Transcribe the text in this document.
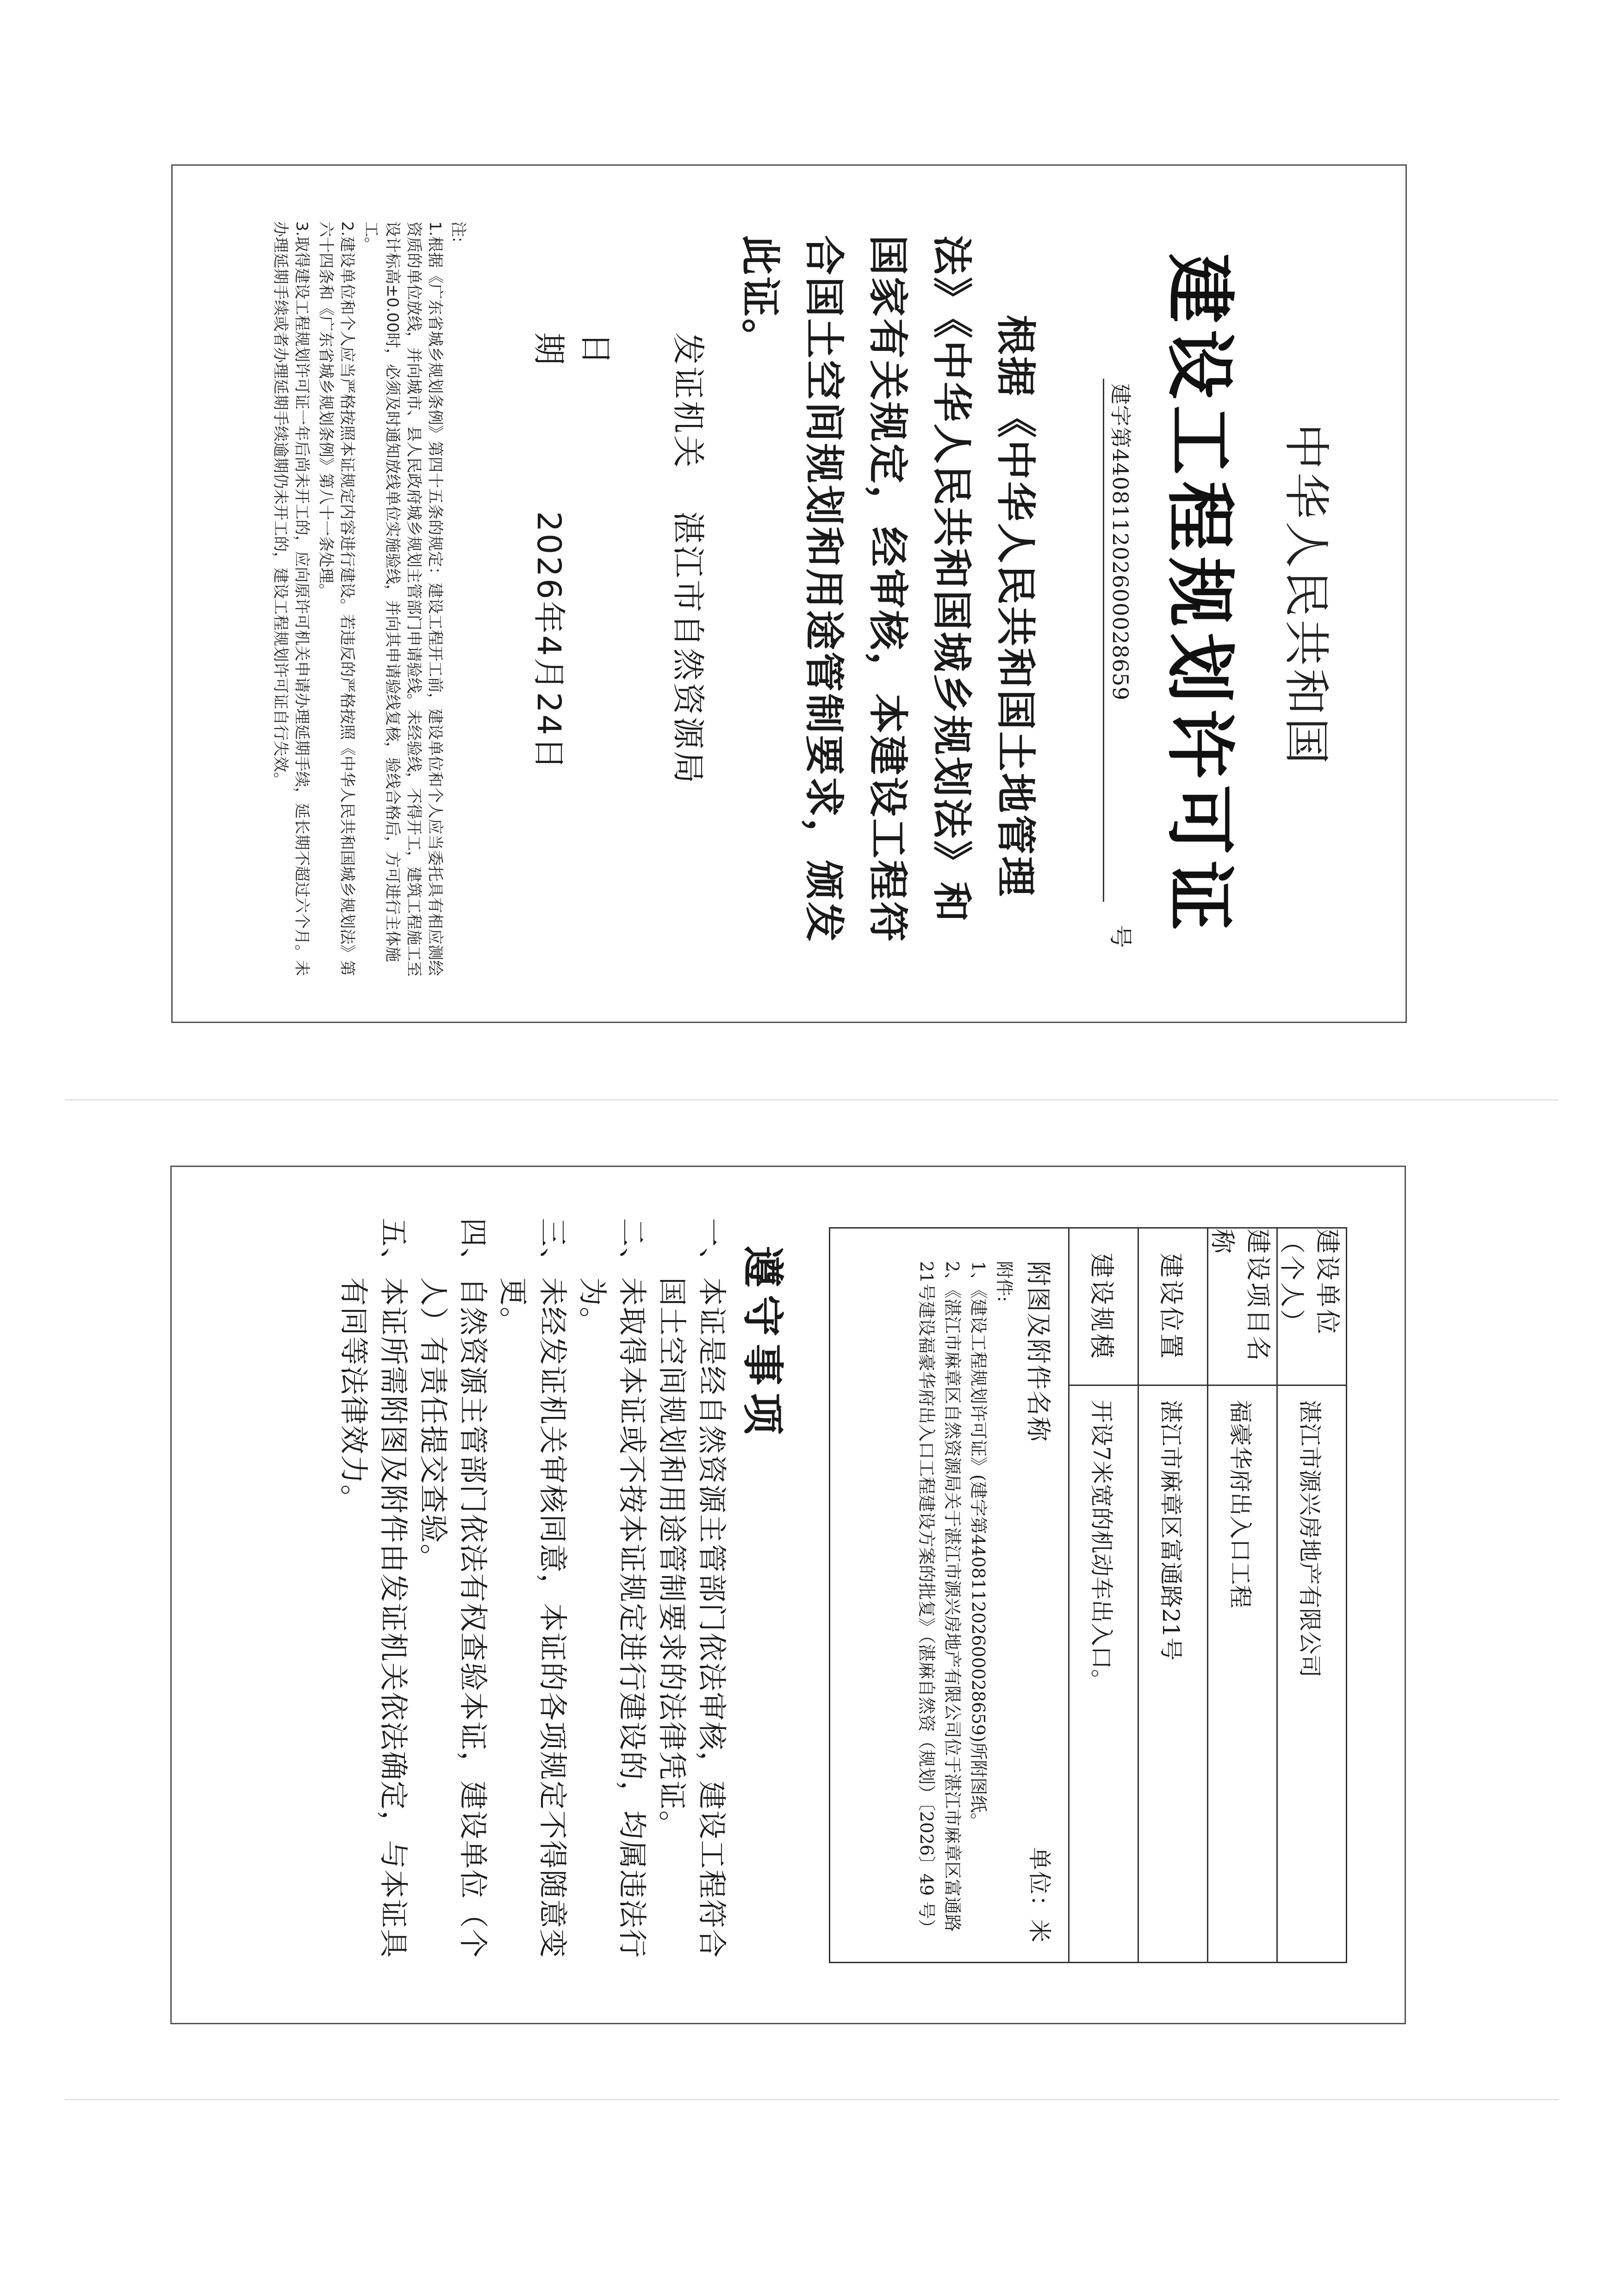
中华人民共和国
建设工程规划许可证
建字第440811202600028659
号
根据《中华人民共和国土地管理法》《中华人民共和国城乡规划法》和国家有关规定，经审核，本建设工程符合国土空间规划和用途管制要求，颁发此证。
发证机关 湛江市自然资源局
日期 2026年4月24日

注:

1.根据《广东省城乡规划条例》第四十五条的规定：建设工程开工前，建设单位和个人应当委托具有相应测绘资质的单位放线，并向城市、县人民政府城乡规划主管部门申请验线。未经验线，不得开工，建筑工程施工至设计标高±0.00时，必须及时通知放线单位实施验线，并向其申请验线复核，验线合格后，方可进行主体施工。

2.建设单位和个人应当严格按照本证规定内容进行建设。若违反的严格按照《中华人民共和国城乡规划法》第六十四条和《广东省城乡规划条例》第八十一条处理。

3.取得建设工程规划许可证一年后尚未开工的，应向原许可机关申请办理延期手续，延长期不超过六个月。未办理延期手续或者办理延期手续逾期仍未开工的，建设工程规划许可证自行失效。

建设单位（个人）
湛江市源兴房地产有限公司
建设项目名称
福豪华府出入口工程
建设位置
湛江市麻章区富通路21号
建设规模
开设7米宽的机动车出入口。
附图及附件名称
单位：米

附件:

1、《建设工程规划许可证》(建字第440811202600028659)所附图纸。

2、《湛江市麻章区自然资源局关于湛江市源兴房地产有限公司位于湛江市麻章区富通路21号建设福豪华府出入口工程建设方案的批复》（湛麻自然资（规划）〔2026〕49 号）

遵守事项
一、
本证是经自然资源主管部门依法审核，建设工程符合国土空间规划和用途管制要求的法律凭证。
二、
未取得本证或不按本证规定进行建设的，均属违法行为。
三、
未经发证机关审核同意，本证的各项规定不得随意变更。
四、
自然资源主管部门依法有权查验本证，建设单位（个人）有责任提交查验。
五、
本证所需附图及附件由发证机关依法确定，与本证具有同等法律效力。
